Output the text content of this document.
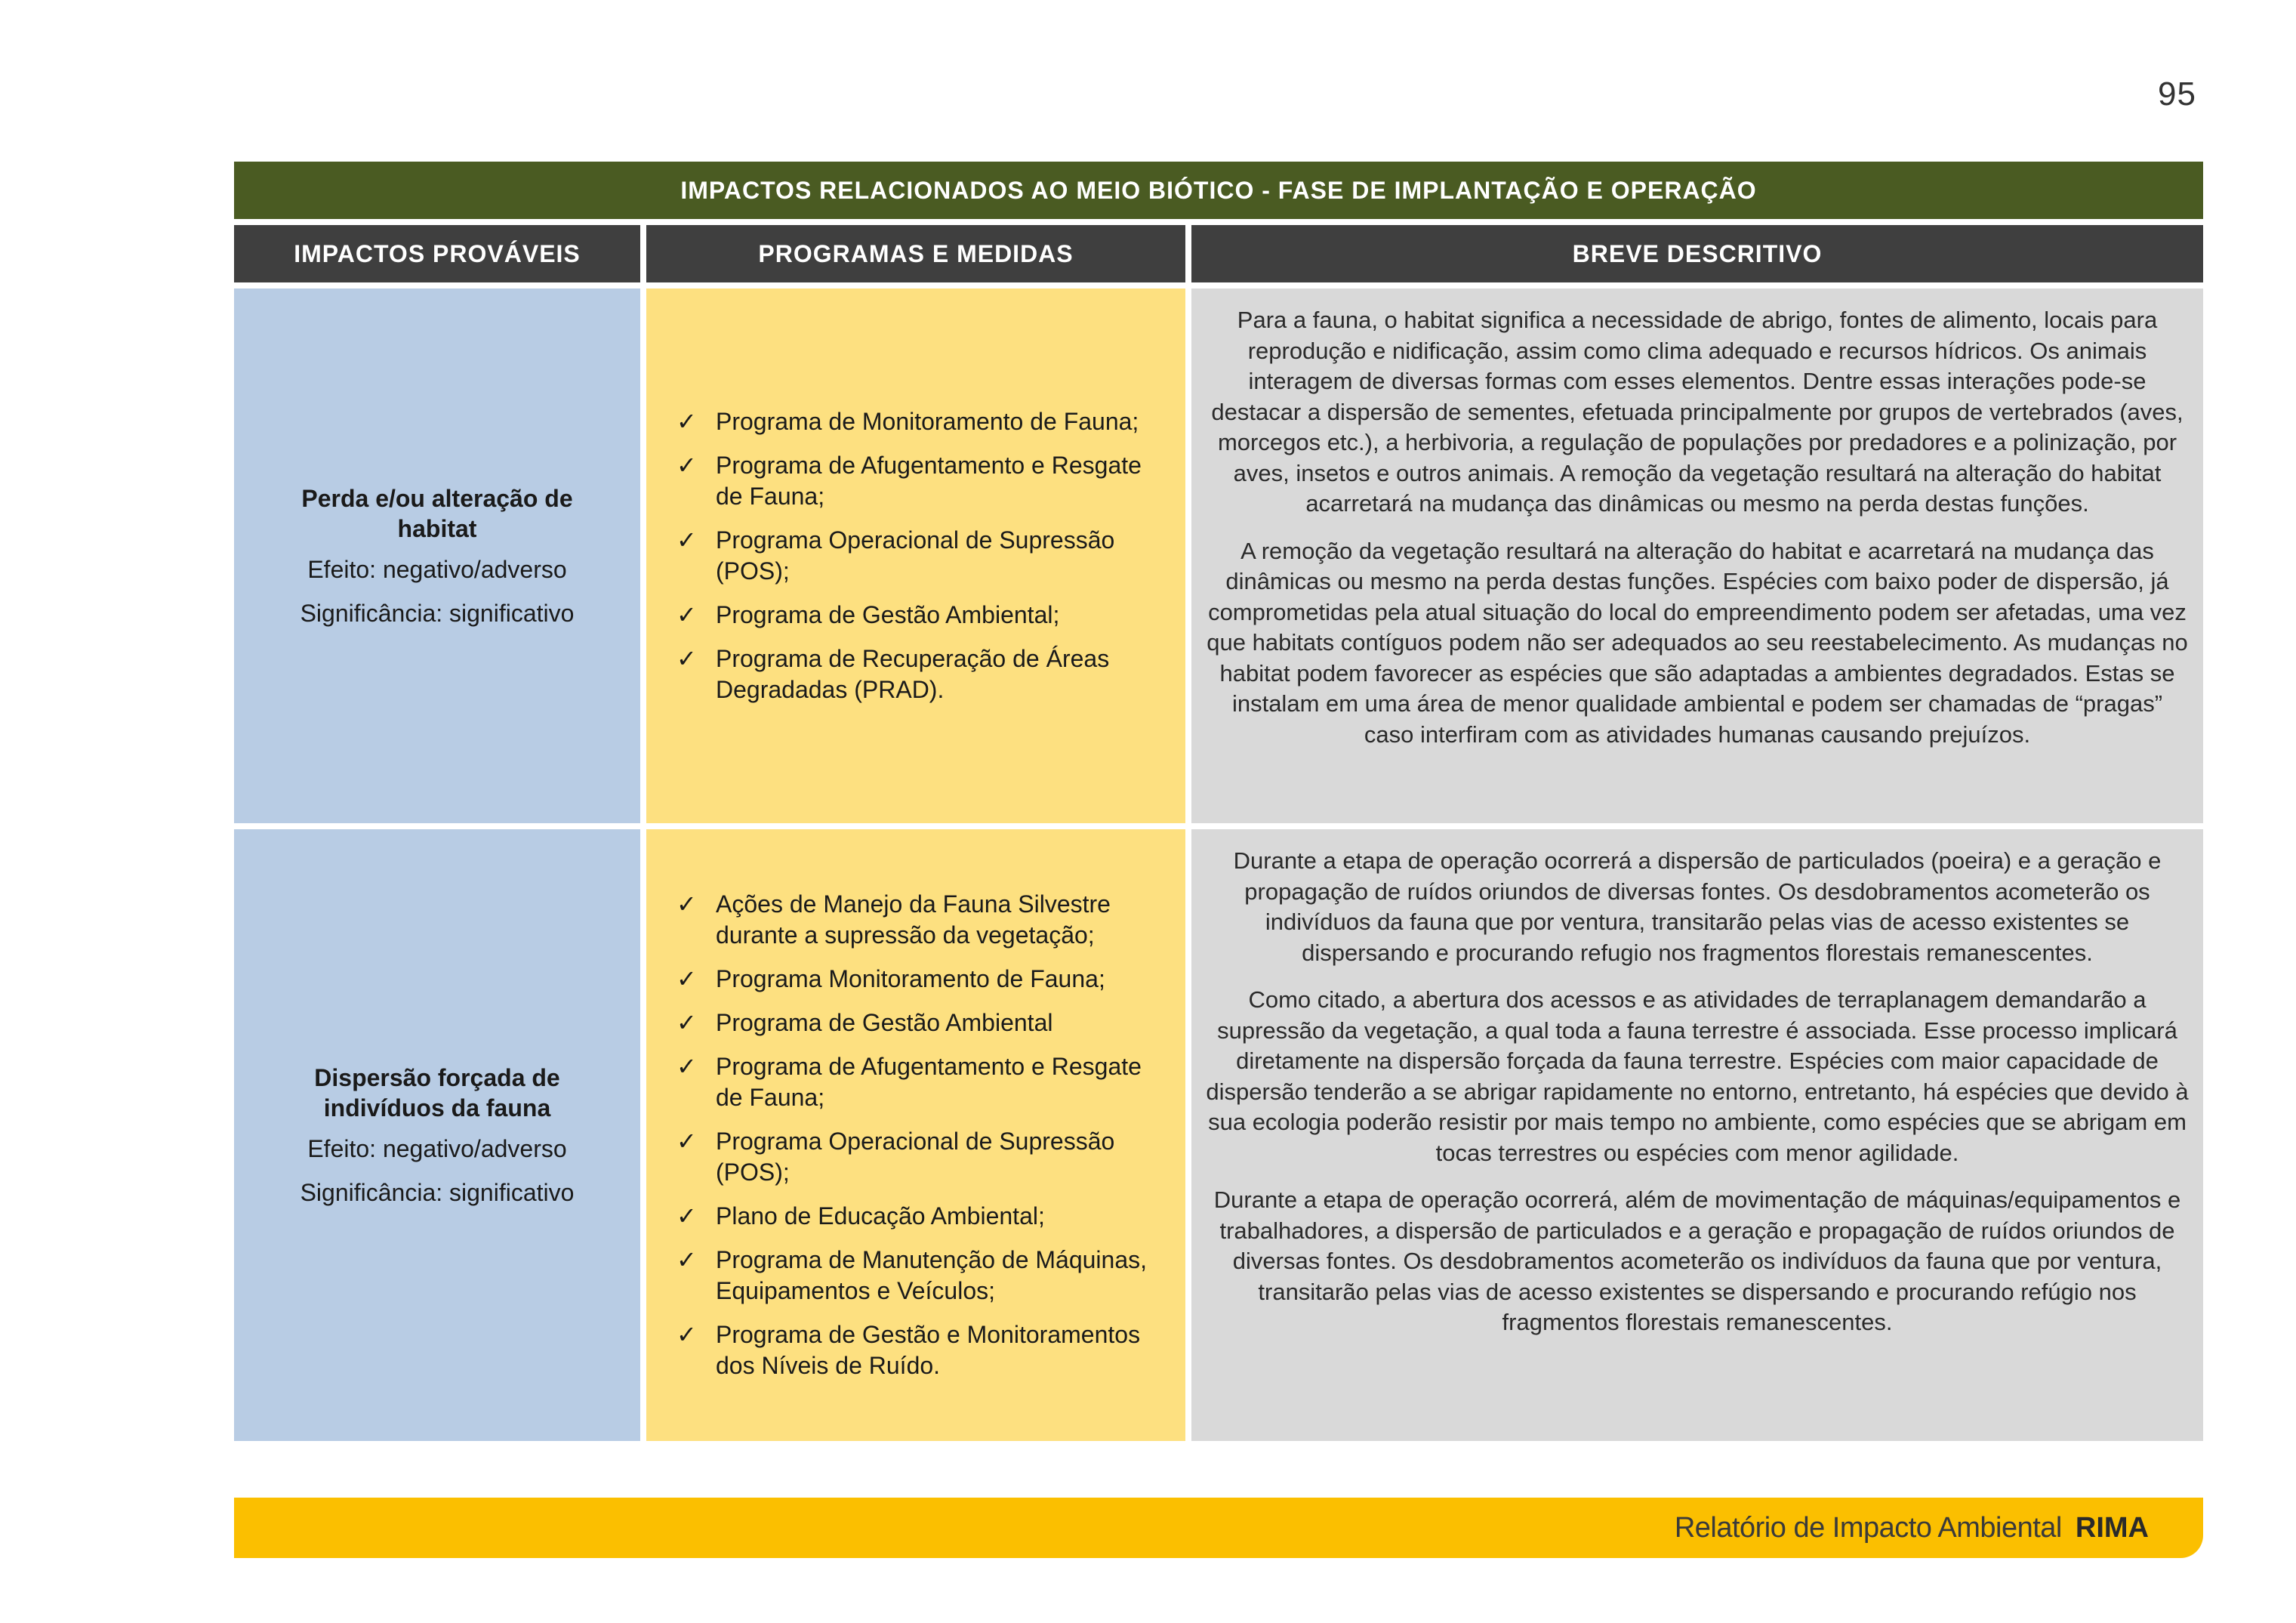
95
IMPACTOS RELACIONADOS AO MEIO BIÓTICO - FASE DE IMPLANTAÇÃO E OPERAÇÃO
IMPACTOS PROVÁVEIS	PROGRAMAS E MEDIDAS	BREVE DESCRITIVO
Perda e/ou alteração de habitat
Efeito: negativo/adverso
Significância: significativo
✓ Programa de Monitoramento de Fauna;
✓ Programa de Afugentamento e Resgate de Fauna;
✓ Programa Operacional de Supressão (POS);
✓ Programa de Gestão Ambiental;
✓ Programa de Recuperação de Áreas Degradadas (PRAD).

Para a fauna, o habitat significa a necessidade de abrigo, fontes de alimento, locais para reprodução e nidificação, assim como clima adequado e recursos hídricos. Os animais interagem de diversas formas com esses elementos. Dentre essas interações pode-se destacar a dispersão de sementes, efetuada principalmente por grupos de vertebrados (aves, morcegos etc.), a herbivoria, a regulação de populações por predadores e a polinização, por aves, insetos e outros animais. A remoção da vegetação resultará na alteração do habitat acarretará na mudança das dinâmicas ou mesmo na perda destas funções.

A remoção da vegetação resultará na alteração do habitat e acarretará na mudança das dinâmicas ou mesmo na perda destas funções. Espécies com baixo poder de dispersão, já comprometidas pela atual situação do local do empreendimento podem ser afetadas, uma vez que habitats contíguos podem não ser adequados ao seu reestabelecimento. As mudanças no habitat podem favorecer as espécies que são adaptadas a ambientes degradados. Estas se instalam em uma área de menor qualidade ambiental e podem ser chamadas de “pragas” caso interfiram com as atividades humanas causando prejuízos.

Dispersão forçada de indivíduos da fauna
Efeito: negativo/adverso
Significância: significativo
✓ Ações de Manejo da Fauna Silvestre durante a supressão da vegetação;
✓ Programa Monitoramento de Fauna;
✓ Programa de Gestão Ambiental
✓ Programa de Afugentamento e Resgate de Fauna;
✓ Programa Operacional de Supressão (POS);
✓ Plano de Educação Ambiental;
✓ Programa de Manutenção de Máquinas, Equipamentos e Veículos;
✓ Programa de Gestão e Monitoramentos dos Níveis de Ruído.

Durante a etapa de operação ocorrerá a dispersão de particulados (poeira) e a geração e propagação de ruídos oriundos de diversas fontes. Os desdobramentos acometerão os indivíduos da fauna que por ventura, transitarão pelas vias de acesso existentes se dispersando e procurando refugio nos fragmentos florestais remanescentes.

Como citado, a abertura dos acessos e as atividades de terraplanagem demandarão a supressão da vegetação, a qual toda a fauna terrestre é associada. Esse processo implicará diretamente na dispersão forçada da fauna terrestre. Espécies com maior capacidade de dispersão tenderão a se abrigar rapidamente no entorno, entretanto, há espécies que devido à sua ecologia poderão resistir por mais tempo no ambiente, como espécies que se abrigam em tocas terrestres ou espécies com menor agilidade.

Durante a etapa de operação ocorrerá, além de movimentação de máquinas/equipamentos e trabalhadores, a dispersão de particulados e a geração e propagação de ruídos oriundos de diversas fontes. Os desdobramentos acometerão os indivíduos da fauna que por ventura, transitarão pelas vias de acesso existentes se dispersando e procurando refúgio nos fragmentos florestais remanescentes.

Relatório de Impacto Ambiental RIMA
